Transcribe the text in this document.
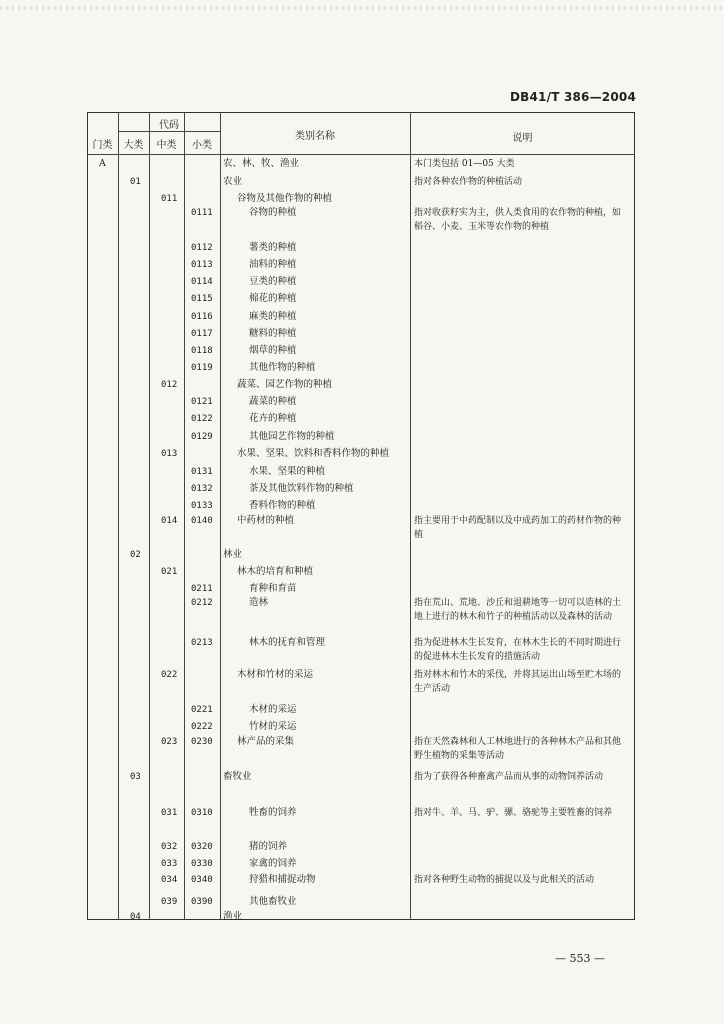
DB41/T 386—2004
代码
门类	大类	中类	小类
类别名称	说明
A	农、林、牧、渔业	本门类包括 01—05 大类
01	农业	指对各种农作物的种植活动
011	谷物及其他作物的种植
0111	谷物的种植	指对收获籽实为主，供人类食用的农作物的种植，如稻谷、小麦、玉米等农作物的种植
0112	薯类的种植
0113	油料的种植
0114	豆类的种植
0115	棉花的种植
0116	麻类的种植
0117	糖料的种植
0118	烟草的种植
0119	其他作物的种植
012	蔬菜、园艺作物的种植
0121	蔬菜的种植
0122	花卉的种植
0129	其他园艺作物的种植
013	水果、坚果、饮料和香料作物的种植
0131	水果、坚果的种植
0132	茶及其他饮料作物的种植
0133	香料作物的种植
014 0140	中药材的种植	指主要用于中药配制以及中成药加工的药材作物的种植
02	林业
021	林木的培育和种植
0211	育种和育苗
0212	造林	指在荒山、荒地、沙丘和退耕地等一切可以造林的土地上进行的林木和竹子的种植活动以及森林的活动
0213	林木的抚育和管理	指为促进林木生长发育，在林木生长的不同时期进行的促进林木生长发育的措施活动
022	木材和竹材的采运	指对林木和竹木的采伐，并将其运出山场至贮木场的生产活动
0221	木材的采运
0222	竹材的采运
023 0230	林产品的采集	指在天然森林和人工林地进行的各种林木产品和其他野生植物的采集等活动
03	畜牧业	指为了获得各种畜禽产品而从事的动物饲养活动
031 0310	牲畜的饲养	指对牛、羊、马、驴、骡、骆驼等主要牲畜的饲养
032 0320	猪的饲养
033 0330	家禽的饲养
034 0340	狩猎和捕捉动物	指对各种野生动物的捕捉以及与此相关的活动
039 0390	其他畜牧业
04	渔业
— 553 —
